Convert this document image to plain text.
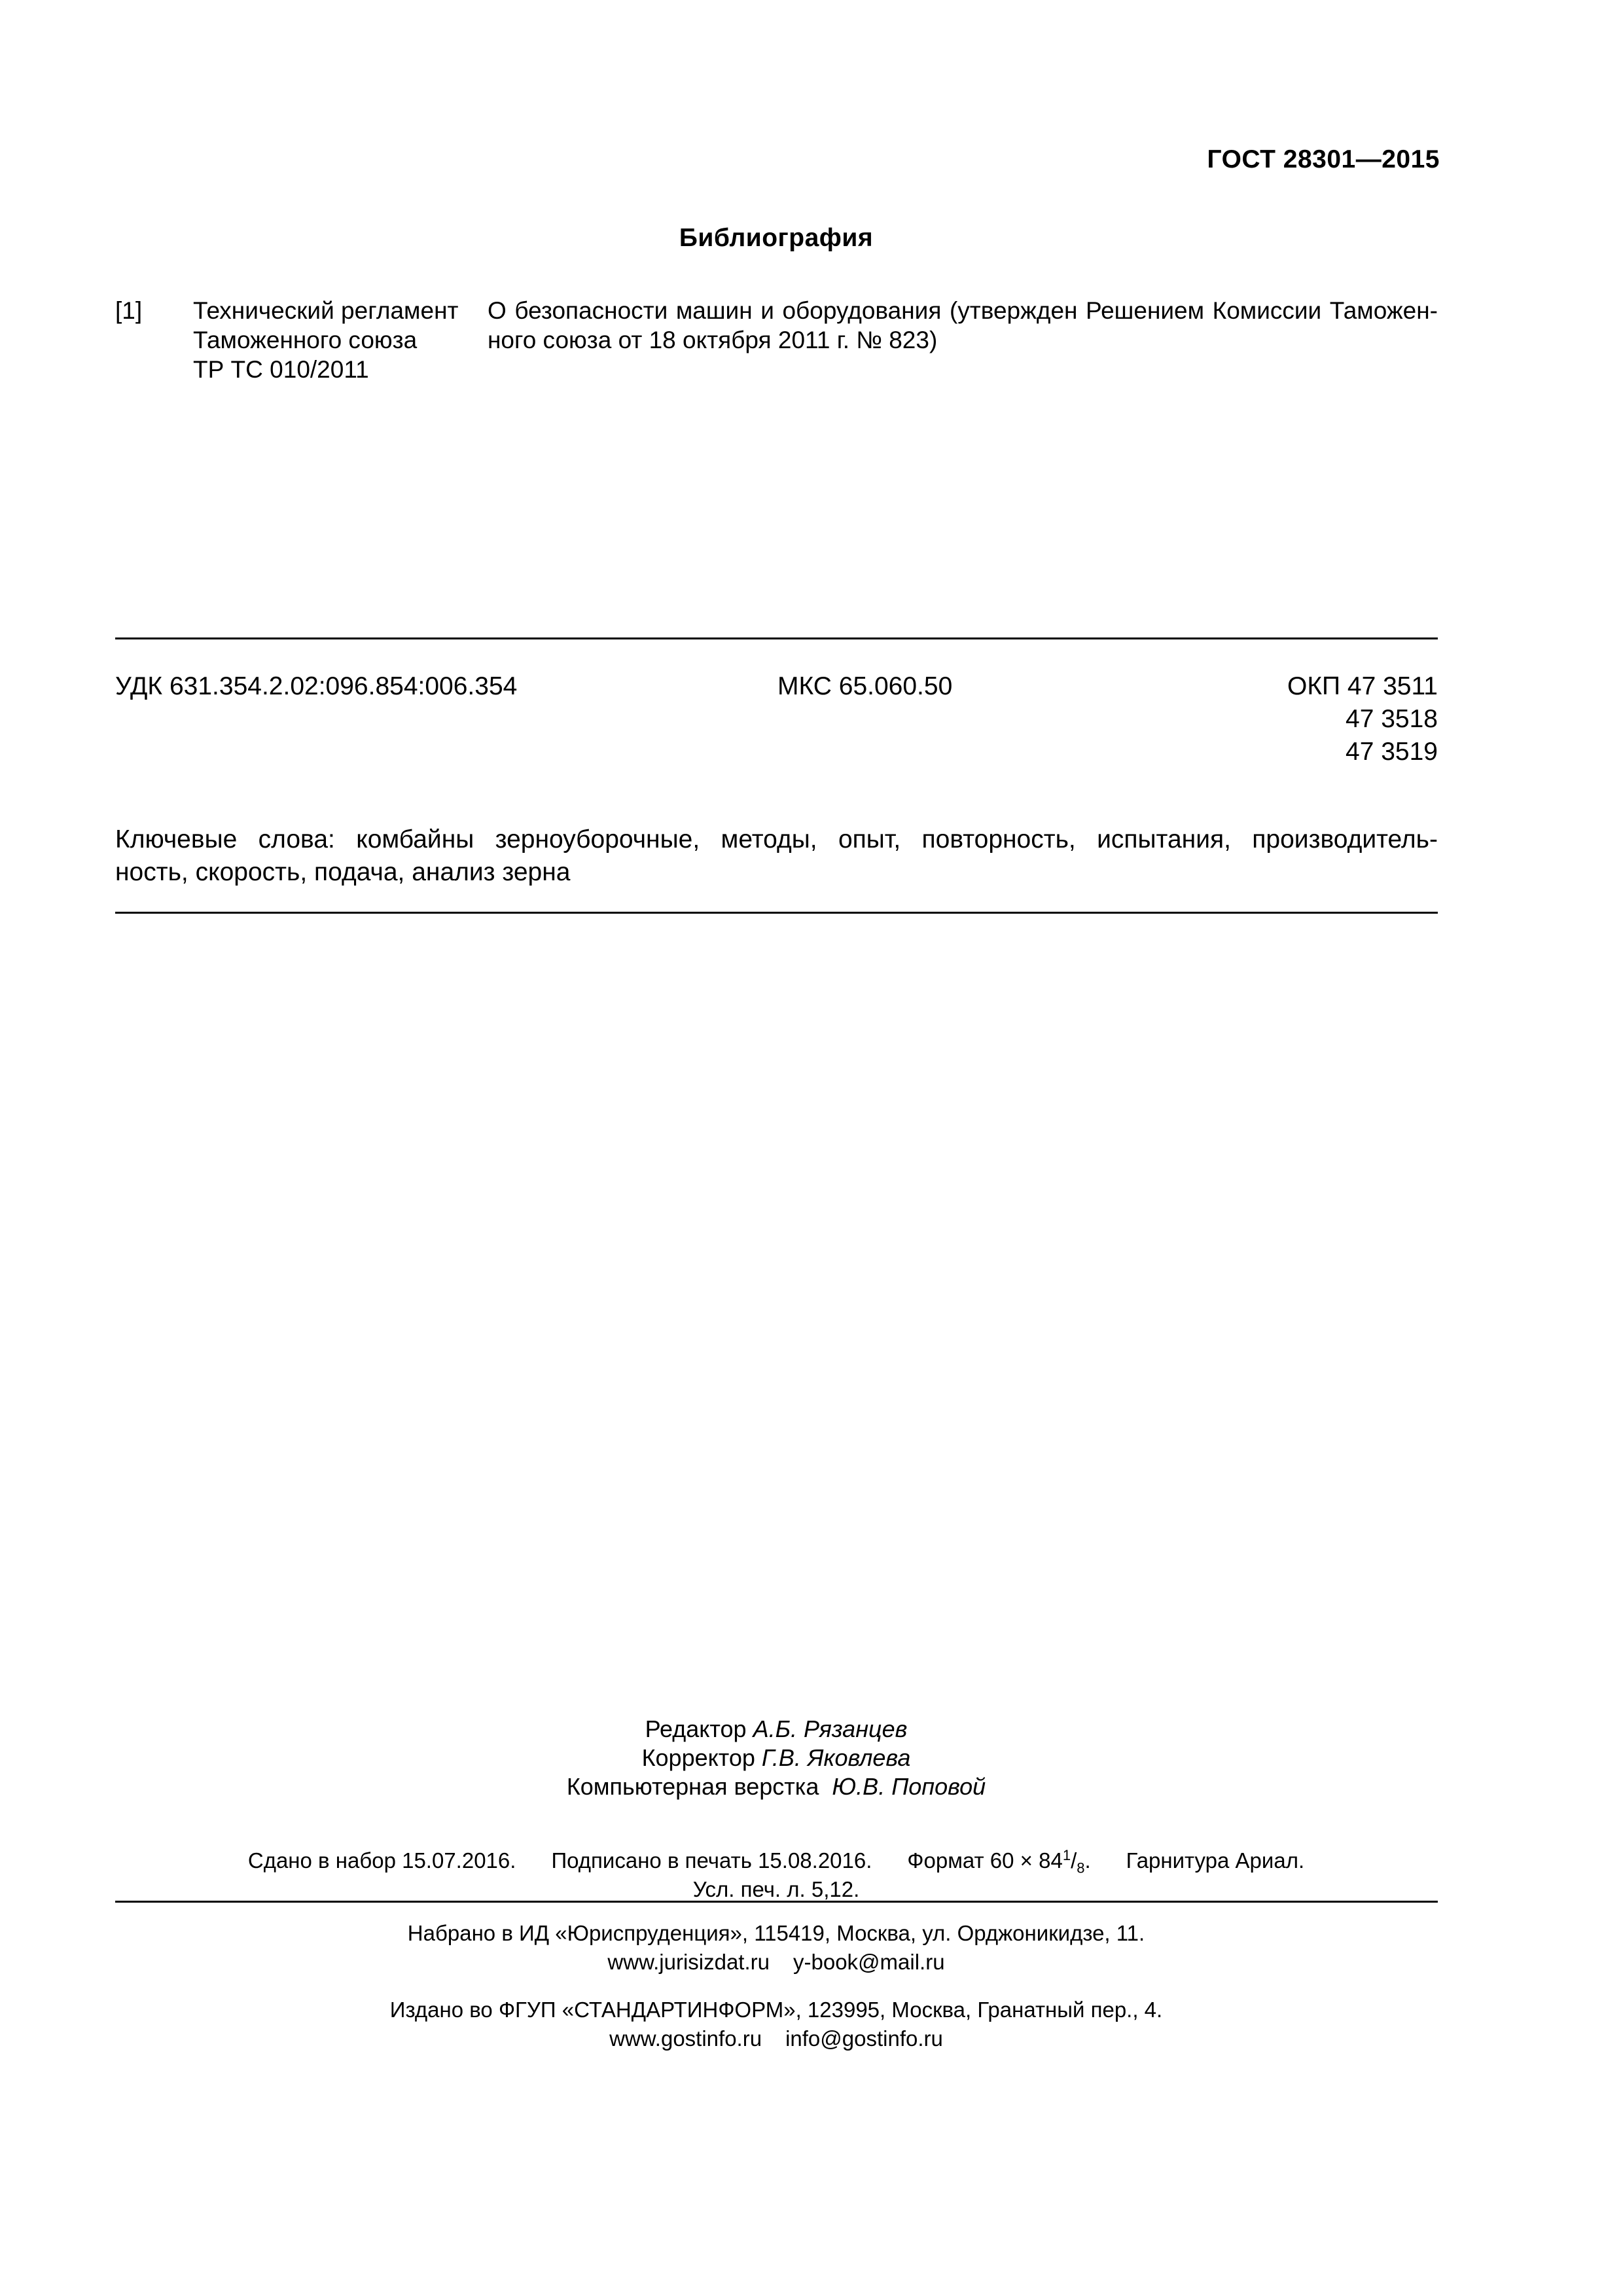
ГОСТ 28301—2015
Библиография
[1] Технический регламент
Таможенного союза
ТР ТС 010/2011
О безопасности машин и оборудования (утвержден Решением Комиссии Таможен-
ного союза от 18 октября 2011 г. № 823)
УДК 631.354.2.02:096.854:006.354	МКС 65.060.50	ОКП 47 3511
47 3518
47 3519
Ключевые слова: комбайны зерноуборочные, методы, опыт, повторность, испытания, производитель-
ность, скорость, подача, анализ зерна
Редактор А.Б. Рязанцев
Корректор Г.В. Яковлева
Компьютерная верстка Ю.В. Поповой
Сдано в набор 15.07.2016. Подписано в печать 15.08.2016. Формат $60 \times 84^1/_8$. Гарнитура Ариал.
Усл. печ. л. 5,12.
Набрано в ИД «Юриспруденция», 115419, Москва, ул. Орджоникидзе, 11.
www.jurisizdat.ru y-book@mail.ru
Издано во ФГУП «СТАНДАРТИНФОРМ», 123995, Москва, Гранатный пер., 4.
www.gostinfo.ru info@gostinfo.ru
